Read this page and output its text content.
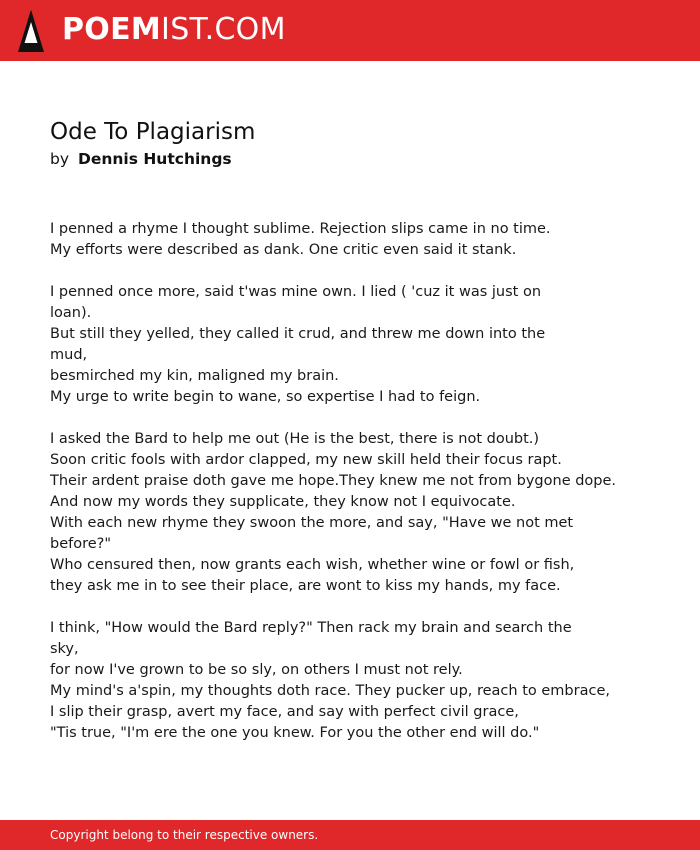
POEMIST.COM
Ode To Plagiarism
by Dennis Hutchings
I penned a rhyme I thought sublime. Rejection slips came in no time.
My efforts were described as dank. One critic even said it stank.
I penned once more, said t'was mine own. I lied ( 'cuz it was just on
loan).
But still they yelled, they called it crud, and threw me down into the
mud,
besmirched my kin, maligned my brain.
My urge to write begin to wane, so expertise I had to feign.
I asked the Bard to help me out (He is the best, there is not doubt.)
Soon critic fools with ardor clapped, my new skill held their focus rapt.
Their ardent praise doth gave me hope.They knew me not from bygone dope.
And now my words they supplicate, they know not I equivocate.
With each new rhyme they swoon the more, and say, "Have we not met
before?"
Who censured then, now grants each wish, whether wine or fowl or fish,
they ask me in to see their place, are wont to kiss my hands, my face.
I think, "How would the Bard reply?" Then rack my brain and search the
sky,
for now I've grown to be so sly, on others I must not rely.
My mind's a'spin, my thoughts doth race. They pucker up, reach to embrace,
I slip their grasp, avert my face, and say with perfect civil grace,
"Tis true, "I'm ere the one you knew. For you the other end will do."
Copyright belong to their respective owners.
